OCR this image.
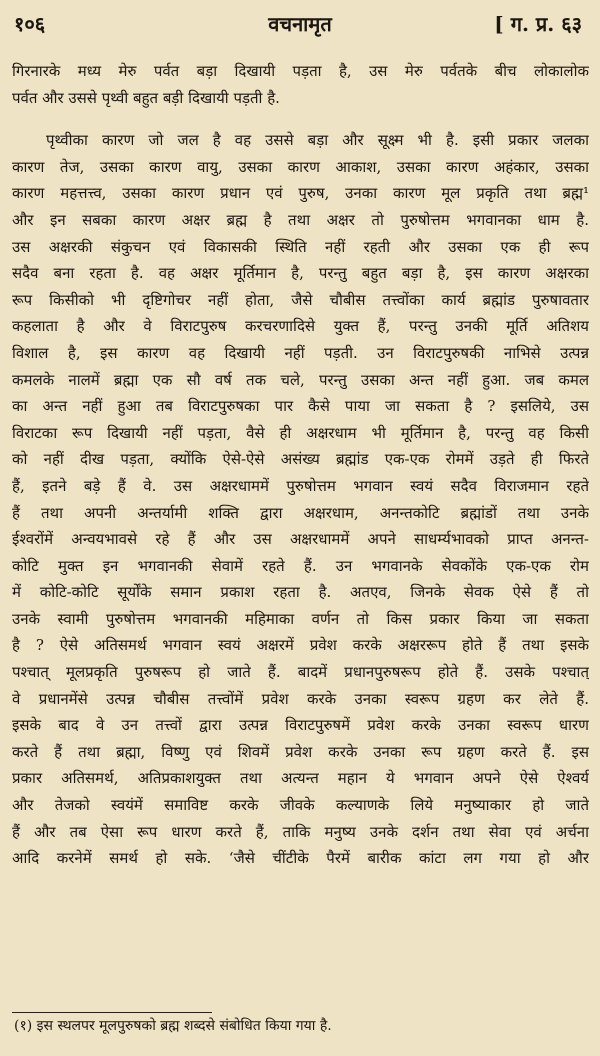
१०६	वचनामृत	[ ग. प्र. ६३
गिरनारके मध्य मेरु पर्वत बड़ा दिखायी पड़ता है, उस मेरु पर्वतके बीच लोकालोक
पर्वत और उससे पृथ्वी बहुत बड़ी दिखायी पड़ती है.
पृथ्वीका कारण जो जल है वह उससे बड़ा और सूक्ष्म भी है. इसी प्रकार जलका
कारण तेज, उसका कारण वायु, उसका कारण आकाश, उसका कारण अहंकार, उसका
कारण महत्तत्त्व, उसका कारण प्रधान एवं पुरुष, उनका कारण मूल प्रकृति तथा ब्रह्म¹
और इन सबका कारण अक्षर ब्रह्म है तथा अक्षर तो पुरुषोत्तम भगवानका धाम है.
उस अक्षरकी संकुचन एवं विकासकी स्थिति नहीं रहती और उसका एक ही रूप
सदैव बना रहता है. वह अक्षर मूर्तिमान है, परन्तु बहुत बड़ा है, इस कारण अक्षरका
रूप किसीको भी दृष्टिगोचर नहीं होता, जैसे चौबीस तत्त्वोंका कार्य ब्रह्मांड पुरुषावतार
कहलाता है और वे विराटपुरुष करचरणादिसे युक्त हैं, परन्तु उनकी मूर्ति अतिशय
विशाल है, इस कारण वह दिखायी नहीं पड़ती. उन विराटपुरुषकी नाभिसे उत्पन्न
कमलके नालमें ब्रह्मा एक सौ वर्ष तक चले, परन्तु उसका अन्त नहीं हुआ. जब कमल
का अन्त नहीं हुआ तब विराटपुरुषका पार कैसे पाया जा सकता है ? इसलिये, उस
विराटका रूप दिखायी नहीं पड़ता, वैसे ही अक्षरधाम भी मूर्तिमान है, परन्तु वह किसी
को नहीं दीख पड़ता, क्योंकि ऐसे-ऐसे असंख्य ब्रह्मांड एक-एक रोममें उड़ते ही फिरते
हैं, इतने बड़े हैं वे. उस अक्षरधाममें पुरुषोत्तम भगवान स्वयं सदैव विराजमान रहते
हैं तथा अपनी अन्तर्यामी शक्ति द्वारा अक्षरधाम, अनन्तकोटि ब्रह्मांडों तथा उनके
ईश्वरोंमें अन्वयभावसे रहे हैं और उस अक्षरधाममें अपने साधर्म्यभावको प्राप्त अनन्त-
कोटि मुक्त इन भगवानकी सेवामें रहते हैं. उन भगवानके सेवकोंके एक-एक रोम
में कोटि-कोटि सूर्योंके समान प्रकाश रहता है. अतएव, जिनके सेवक ऐसे हैं तो
उनके स्वामी पुरुषोत्तम भगवानकी महिमाका वर्णन तो किस प्रकार किया जा सकता
है ? ऐसे अतिसमर्थ भगवान स्वयं अक्षरमें प्रवेश करके अक्षररूप होते हैं तथा इसके
पश्चात् मूलप्रकृति पुरुषरूप हो जाते हैं. बादमें प्रधानपुरुषरूप होते हैं. उसके पश्चात्
वे प्रधानमेंसे उत्पन्न चौबीस तत्त्वोंमें प्रवेश करके उनका स्वरूप ग्रहण कर लेते हैं.
इसके बाद वे उन तत्त्वों द्वारा उत्पन्न विराटपुरुषमें प्रवेश करके उनका स्वरूप धारण
करते हैं तथा ब्रह्मा, विष्णु एवं शिवमें प्रवेश करके उनका रूप ग्रहण करते हैं. इस
प्रकार अतिसमर्थ, अतिप्रकाशयुक्त तथा अत्यन्त महान ये भगवान अपने ऐसे ऐश्वर्य
और तेजको स्वयंमें समाविष्ट करके जीवके कल्याणके लिये मनुष्याकार हो जाते
हैं और तब ऐसा रूप धारण करते हैं, ताकि मनुष्य उनके दर्शन तथा सेवा एवं अर्चना
आदि करनेमें समर्थ हो सके. ‘जैसे चींटीके पैरमें बारीक कांटा लग गया हो और
(१) इस स्थलपर मूलपुरुषको ब्रह्म शब्दसे संबोधित किया गया है.
